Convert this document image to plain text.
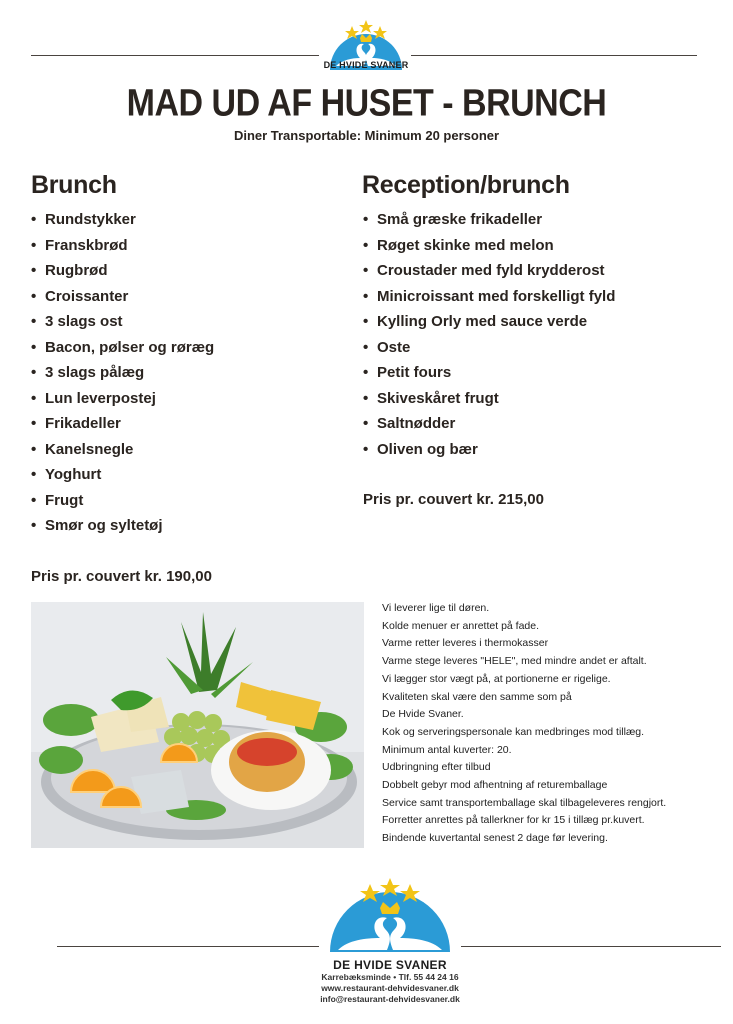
DE HVIDE SVANER
MAD UD AF HUSET - BRUNCH
Diner Transportable: Minimum 20 personer
Brunch
• Rundstykker
• Franskbrød
• Rugbrød
• Croissanter
• 3 slags ost
• Bacon, pølser og røræg
• 3 slags pålæg
• Lun leverpostej
• Frikadeller
• Kanelsnegle
• Yoghurt
• Frugt
• Smør og syltetøj
Pris pr. couvert kr. 190,00
Reception/brunch
• Små græske frikadeller
• Røget skinke med melon
• Croustader med fyld krydderost
• Minicroissant med forskelligt fyld
• Kylling Orly med sauce verde
• Oste
• Petit fours
• Skiveskåret frugt
• Saltnødder
• Oliven og bær
Pris pr. couvert kr. 215,00
Vi leverer lige til døren.
Kolde menuer er anrettet på fade.
Varme retter leveres i thermokasser
Varme stege leveres "HELE", med mindre andet er aftalt.
Vi lægger stor vægt på, at portionerne er rigelige.
Kvaliteten skal være den samme som på
De Hvide Svaner.
Kok og serveringspersonale kan medbringes mod tillæg.
Minimum antal kuverter: 20.
Udbringning efter tilbud
Dobbelt gebyr mod afhentning af returemballage
Service samt transportemballage skal tilbageleveres rengjort.
Forretter anrettes på tallerkner for kr 15 i tillæg pr.kuvert.
Bindende kuvertantal senest 2 dage før levering.
DE HVIDE SVANER
Karrebæksminde • Tlf. 55 44 24 16
www.restaurant-dehvidesvaner.dk
info@restaurant-dehvidesvaner.dk
